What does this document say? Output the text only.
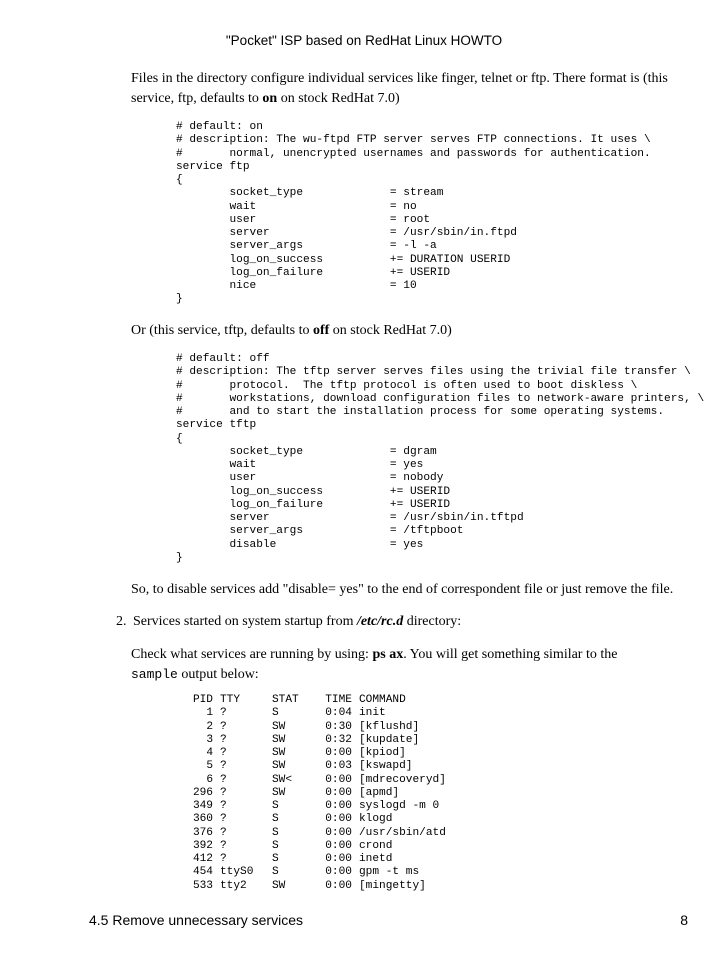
"Pocket" ISP based on RedHat Linux HOWTO

Files in the directory configure individual services like finger, telnet or ftp. There format is (this service, ftp, defaults to on on stock RedHat 7.0)

# default: on
# description: The wu-ftpd FTP server serves FTP connections. It uses \
#       normal, unencrypted usernames and passwords for authentication.
service ftp
{
socket_type             = stream
wait                    = no
user                    = root
server                  = /usr/sbin/in.ftpd
server_args             = -l -a
log_on_success          += DURATION USERID
log_on_failure          += USERID
nice                    = 10
}

Or (this service, tftp, defaults to off on stock RedHat 7.0)

# default: off
# description: The tftp server serves files using the trivial file transfer \
#       protocol.  The tftp protocol is often used to boot diskless \
#       workstations, download configuration files to network-aware printers, \
#       and to start the installation process for some operating systems.
service tftp
{
socket_type             = dgram
wait                    = yes
user                    = nobody
log_on_success          += USERID
log_on_failure          += USERID
server                  = /usr/sbin/in.tftpd
server_args             = /tftpboot
disable                 = yes
}

So, to disable services add "disable= yes" to the end of correspondent file or just remove the file.

2. Services started on system startup from /etc/rc.d directory:

Check what services are running by using: ps ax. You will get something similar to the
sample output below:

PID	TTY	STAT	TIME	COMMAND
1	?	S	0:04	init
2	?	SW	0:30	[kflushd]
3	?	SW	0:32	[kupdate]
4	?	SW	0:00	[kpiod]
5	?	SW	0:03	[kswapd]
6	?	SW<	0:00	[mdrecoveryd]
296	?	SW	0:00	[apmd]
349	?	S	0:00	syslogd -m 0
360	?	S	0:00	klogd
376	?	S	0:00	/usr/sbin/atd
392	?	S	0:00	crond
412	?	S	0:00	inetd
454	ttyS0	S	0:00	gpm -t ms
533	tty2	SW	0:00	[mingetty]
4.5 Remove unnecessary services	8
